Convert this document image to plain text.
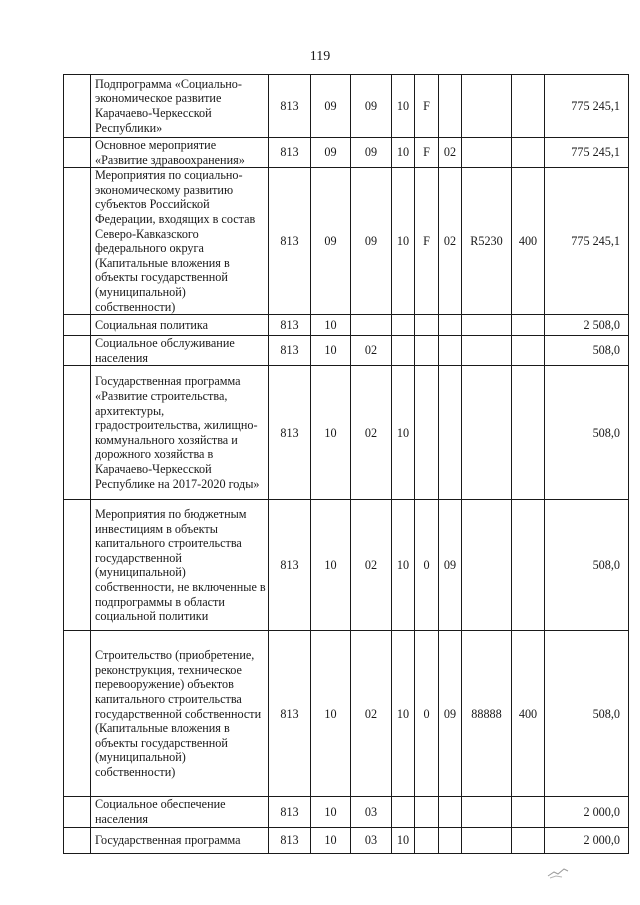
119
	Подпрограмма «Социально-экономическое развитие Карачаево-Черкесской Республики»	813	09	09	10	F				775 245,1
	Основное мероприятие «Развитие здравоохранения»	813	09	09	10	F	02			775 245,1
	Мероприятия по социально-экономическому развитию субъектов Российской Федерации, входящих в состав Северо-Кавказского федерального округа (Капитальные вложения в объекты государственной (муниципальной) собственности)	813	09	09	10	F	02	R5230	400	775 245,1
	Социальная политика	813	10							2 508,0
	Социальное обслуживание населения	813	10	02						508,0
	Государственная программа «Развитие строительства, архитектуры, градостроительства, жилищно-коммунального хозяйства и дорожного хозяйства в Карачаево-Черкесской Республике на 2017-2020 годы»	813	10	02	10					508,0
	Мероприятия по бюджетным инвестициям в объекты капитального строительства государственной (муниципальной) собственности, не включенные в подпрограммы в области социальной политики	813	10	02	10	0	09			508,0
	Строительство (приобретение, реконструкция, техническое перевооружение) объектов капитального строительства государственной собственности (Капитальные вложения в объекты государственной (муниципальной) собственности)	813	10	02	10	0	09	88888	400	508,0
	Социальное обеспечение населения	813	10	03						2 000,0
	Государственная программа	813	10	03	10					2 000,0
